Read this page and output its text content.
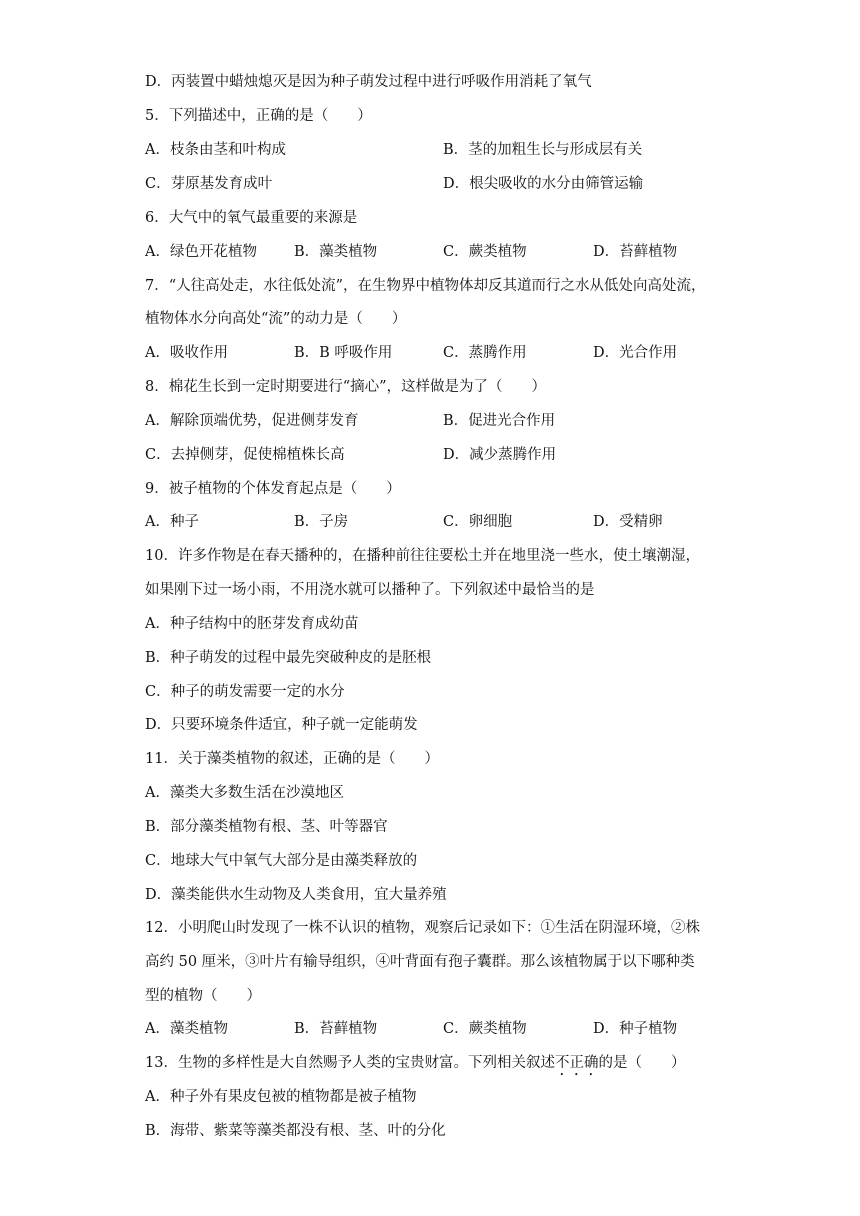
D．丙装置中蜡烛熄灭是因为种子萌发过程中进行呼吸作用消耗了氧气
5．下列描述中，正确的是（　　）
A．枝条由茎和叶构成	B．茎的加粗生长与形成层有关
C．芽原基发育成叶	D．根尖吸收的水分由筛管运输
6．大气中的氧气最重要的来源是
A．绿色开花植物	B．藻类植物	C．蕨类植物	D．苔藓植物
7．“人往高处走，水往低处流”，在生物界中植物体却反其道而行之水从低处向高处流，
植物体水分向高处“流”的动力是（　　）
A．吸收作用	B．B 呼吸作用	C．蒸腾作用	D．光合作用
8．棉花生长到一定时期要进行“摘心”，这样做是为了（　　）
A．解除顶端优势，促进侧芽发育	B．促进光合作用
C．去掉侧芽，促使棉植株长高	D．减少蒸腾作用
9．被子植物的个体发育起点是（　　）
A．种子	B．子房	C．卵细胞	D．受精卵
10．许多作物是在春天播种的，在播种前往往要松土并在地里浇一些水，使土壤潮湿，
如果刚下过一场小雨，不用浇水就可以播种了。下列叙述中最恰当的是
A．种子结构中的胚芽发育成幼苗
B．种子萌发的过程中最先突破种皮的是胚根
C．种子的萌发需要一定的水分
D．只要环境条件适宜，种子就一定能萌发
11．关于藻类植物的叙述，正确的是（　　）
A．藻类大多数生活在沙漠地区
B．部分藻类植物有根、茎、叶等器官
C．地球大气中氧气大部分是由藻类释放的
D．藻类能供水生动物及人类食用，宜大量养殖
12．小明爬山时发现了一株不认识的植物，观察后记录如下：①生活在阴湿环境，②株
高约 50 厘米，③叶片有输导组织，④叶背面有孢子囊群。那么该植物属于以下哪种类
型的植物（　　）
A．藻类植物	B．苔藓植物	C．蕨类植物	D．种子植物
13．生物的多样性是大自然赐予人类的宝贵财富。下列相关叙述不正确的是（　　）
A．种子外有果皮包被的植物都是被子植物
B．海带、紫菜等藻类都没有根、茎、叶的分化
